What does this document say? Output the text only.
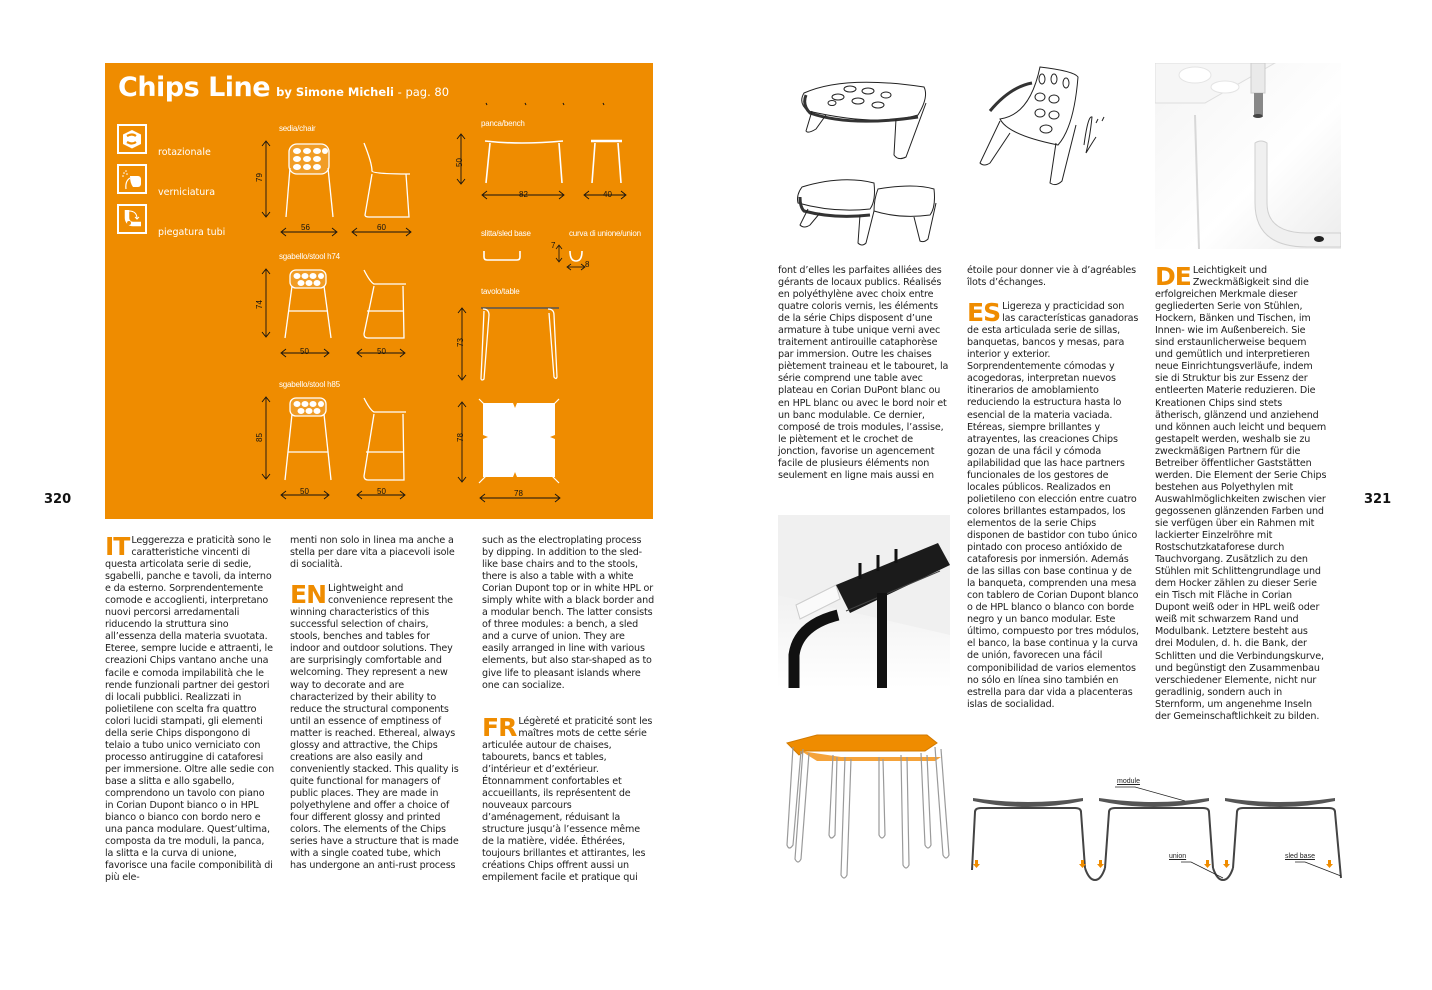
320	321
Chips Line by Simone Micheli - pag. 80
rotazionale
verniciatura
piegatura tubi
sedia/chair
79
56	60
sgabello/stool h74
74
50	50
sgabello/stool h85
85
50	50
panca/bench
50
82	40
slitta/sled base	curva di unione/union
7
8
tavolo/table
73
78
78
IT Leggerezza e praticità sono le caratteristiche vincenti di questa articolata serie di sedie, sgabelli, panche e tavoli, da interno e da esterno. Sorprendentemente comode e accoglienti, interpretano nuovi percorsi arredamentali riducendo la struttura sino all’essenza della materia svuotata. Eteree, sempre lucide e attraenti, le creazioni Chips vantano anche una facile e comoda impilabilità che le rende funzionali partner dei gestori di locali pubblici. Realizzati in polietilene con scelta fra quattro colori lucidi stampati, gli elementi della serie Chips dispongono di telaio a tubo unico verniciato con processo antiruggine di cataforesi per immersione. Oltre alle sedie con base a slitta e allo sgabello, comprendono un tavolo con piano in Corian Dupont bianco o in HPL bianco o bianco con bordo nero e una panca modulare. Quest’ultima, composta da tre moduli, la panca, la slitta e la curva di unione, favorisce una facile componibilità di più ele-

menti non solo in linea ma anche a stella per dare vita a piacevoli isole di socialità.

EN Lightweight and convenience represent the winning characteristics of this successful selection of chairs, stools, benches and tables for indoor and outdoor solutions. They are surprisingly comfortable and welcoming. They represent a new way to decorate and are characterized by their ability to reduce the structural components until an essence of emptiness of matter is reached. Ethereal, always glossy and attractive, the Chips creations are also easily and conveniently stacked. This quality is quite functional for managers of public places. They are made in polyethylene and offer a choice of four different glossy and printed colors. The elements of the Chips series have a structure that is made with a single coated tube, which has undergone an anti-rust process

such as the electroplating process by dipping. In addition to the sled-like base chairs and to the stools, there is also a table with a white Corian Dupont top or in white HPL or simply white with a black border and a modular bench. The latter consists of three modules: a bench, a sled and a curve of union. They are easily arranged in line with various elements, but also star-shaped as to give life to pleasant islands where one can socialize.

FR Légèreté et praticité sont les maîtres mots de cette série articulée autour de chaises, tabourets, bancs et tables, d’intérieur et d’extérieur. Étonnamment confortables et accueillants, ils représentent de nouveaux parcours d’aménagement, réduisant la structure jusqu’à l’essence même de la matière, vidée. Éthérées, toujours brillantes et attirantes, les créations Chips offrent aussi un empilement facile et pratique qui

font d’elles les parfaites alliées des gérants de locaux publics. Réalisés en polyéthylène avec choix entre quatre coloris vernis, les éléments de la série Chips disposent d’une armature à tube unique verni avec traitement antirouille cataphorèse par immersion. Outre les chaises piètement traineau et le tabouret, la série comprend une table avec plateau en Corian DuPont blanc ou en HPL blanc ou avec le bord noir et un banc modulable. Ce dernier, composé de trois modules, l’assise, le piètement et le crochet de jonction, favorise un agencement facile de plusieurs éléments non seulement en ligne mais aussi en

étoile pour donner vie à d’agréables îlots d’échanges.

ES Ligereza y practicidad son las características ganadoras de esta articulada serie de sillas, banquetas, bancos y mesas, para interior y exterior. Sorprendentemente cómodas y acogedoras, interpretan nuevos itinerarios de amoblamiento reduciendo la estructura hasta lo esencial de la materia vaciada. Etéreas, siempre brillantes y atrayentes, las creaciones Chips gozan de una fácil y cómoda apilabilidad que las hace partners funcionales de los gestores de locales públicos. Realizados en polietileno con elección entre cuatro colores brillantes estampados, los elementos de la serie Chips disponen de bastidor con tubo único pintado con proceso antióxido de cataforesis por inmersión. Además de las sillas con base continua y de la banqueta, comprenden una mesa con tablero de Corian Dupont blanco o de HPL blanco o blanco con borde negro y un banco modular. Este último, compuesto por tres módulos, el banco, la base continua y la curva de unión, favorecen una fácil componibilidad de varios elementos no sólo en línea sino también en estrella para dar vida a placenteras islas de socialidad.

DE Leichtigkeit und Zweckmäßigkeit sind die erfolgreichen Merkmale dieser gegliederten Serie von Stühlen, Hockern, Bänken und Tischen, im Innen- wie im Außenbereich. Sie sind erstaunlicherweise bequem und gemütlich und interpretieren neue Einrichtungsverläufe, indem sie di Struktur bis zur Essenz der entleerten Materie reduzieren. Die Kreationen Chips sind stets ätherisch, glänzend und anziehend und können auch leicht und bequem gestapelt werden, weshalb sie zu zweckmäßigen Partnern für die Betreiber öffentlicher Gaststätten werden. Die Element der Serie Chips bestehen aus Polyethylen mit Auswahlmöglichkeiten zwischen vier gegossenen glänzenden Farben und sie verfügen über ein Rahmen mit lackierter Einzelröhre mit Rostschutzkataforese durch Tauchvorgang. Zusätzlich zu den Stühlen mit Schlittengrundlage und dem Hocker zählen zu dieser Serie ein Tisch mit Fläche in Corian Dupont weiß oder in HPL weiß oder weiß mit schwarzem Rand und Modulbank. Letztere besteht aus drei Modulen, d. h. die Bank, der Schlitten und die Verbindungskurve, und begünstigt den Zusammenbau verschiedener Elemente, nicht nur geradlinig, sondern auch in Sternform, um angenehme Inseln der Gemeinschaftlichkeit zu bilden.

module
union	sled base
